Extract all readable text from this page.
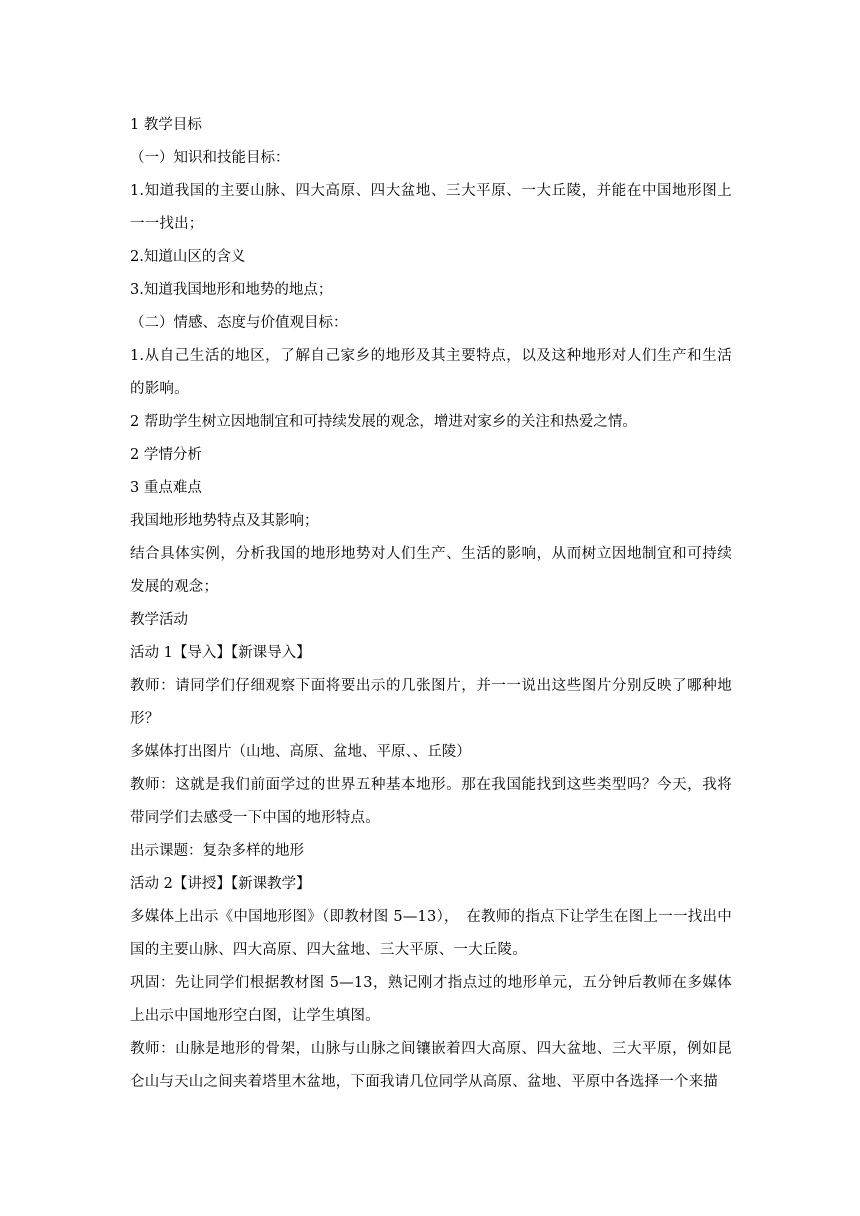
1 教学目标

（一）知识和技能目标：

1.知道我国的主要山脉、四大高原、四大盆地、三大平原、一大丘陵，并能在中国地形图上一一找出；

2.知道山区的含义

3.知道我国地形和地势的地点；

（二）情感、态度与价值观目标：

1.从自己生活的地区，了解自己家乡的地形及其主要特点，以及这种地形对人们生产和生活的影响。

2 帮助学生树立因地制宜和可持续发展的观念，增进对家乡的关注和热爱之情。

2 学情分析

3 重点难点

我国地形地势特点及其影响；

结合具体实例，分析我国的地形地势对人们生产、生活的影响，从而树立因地制宜和可持续发展的观念；

教学活动

活动 1【导入】【新课导入】

教师：请同学们仔细观察下面将要出示的几张图片，并一一说出这些图片分别反映了哪种地形？

多媒体打出图片（山地、高原、盆地、平原、、丘陵）

教师：这就是我们前面学过的世界五种基本地形。那在我国能找到这些类型吗？今天，我将带同学们去感受一下中国的地形特点。

出示课题：复杂多样的地形

活动 2【讲授】【新课教学】

多媒体上出示《中国地形图》（即教材图 5—13），　在教师的指点下让学生在图上一一找出中国的主要山脉、四大高原、四大盆地、三大平原、一大丘陵。

巩固：先让同学们根据教材图 5—13，熟记刚才指点过的地形单元，五分钟后教师在多媒体上出示中国地形空白图，让学生填图。

教师：山脉是地形的骨架，山脉与山脉之间镶嵌着四大高原、四大盆地、三大平原，例如昆仑山与天山之间夹着塔里木盆地，下面我请几位同学从高原、盆地、平原中各选择一个来描
